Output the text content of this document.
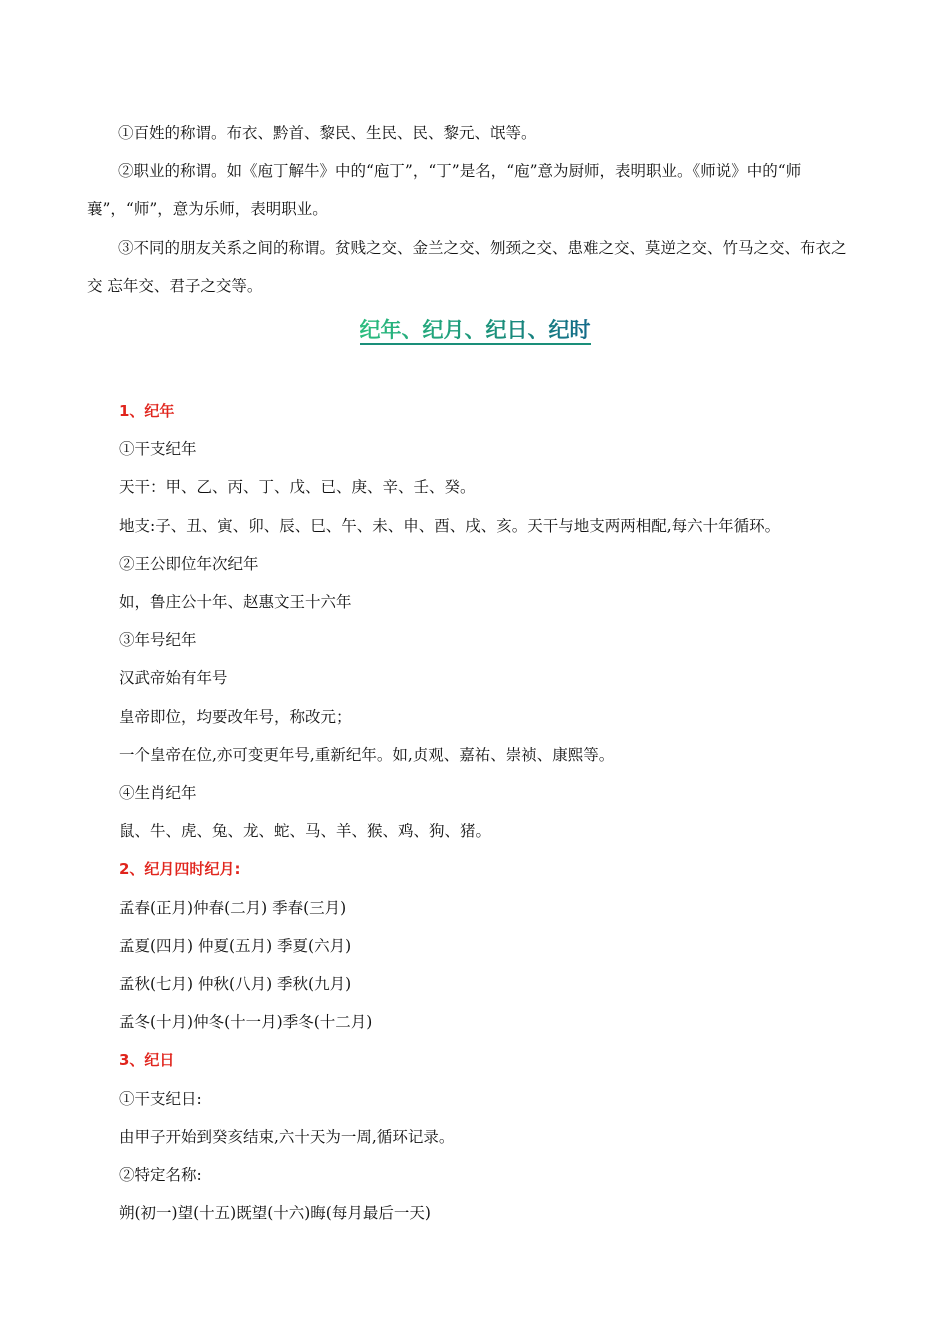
①百姓的称谓。布衣、黔首、黎民、生民、民、黎元、氓等。

②职业的称谓。如《庖丁解牛》中的“庖丁”，“丁”是名，“庖”意为厨师，表明职业。《师说》中的“师襄”，“师”，意为乐师，表明职业。

③不同的朋友关系之间的称谓。贫贱之交、金兰之交、刎颈之交、患难之交、莫逆之交、竹马之交、布衣之交 忘年交、君子之交等。

纪年、纪月、纪日、纪时
1、纪年
①干支纪年
天干：甲、乙、丙、丁、戊、已、庚、辛、壬、癸。
地支:子、丑、寅、卯、辰、巳、午、未、申、酉、戌、亥。天干与地支两两相配,每六十年循环。
②王公即位年次纪年
如，鲁庄公十年、赵惠文王十六年
③年号纪年
汉武帝始有年号
皇帝即位，均要改年号，称改元；
一个皇帝在位,亦可变更年号,重新纪年。如,贞观、嘉祐、崇祯、康熙等。
④生肖纪年
鼠、牛、虎、兔、龙、蛇、马、羊、猴、鸡、狗、猪。
2、纪月四时纪月:
孟春(正月)仲春(二月) 季春(三月)
孟夏(四月) 仲夏(五月) 季夏(六月)
孟秋(七月) 仲秋(八月) 季秋(九月)
孟冬(十月)仲冬(十一月)季冬(十二月)
3、纪日
①干支纪日:
由甲子开始到癸亥结束,六十天为一周,循环记录。
②特定名称:
朔(初一)望(十五)既望(十六)晦(每月最后一天)
